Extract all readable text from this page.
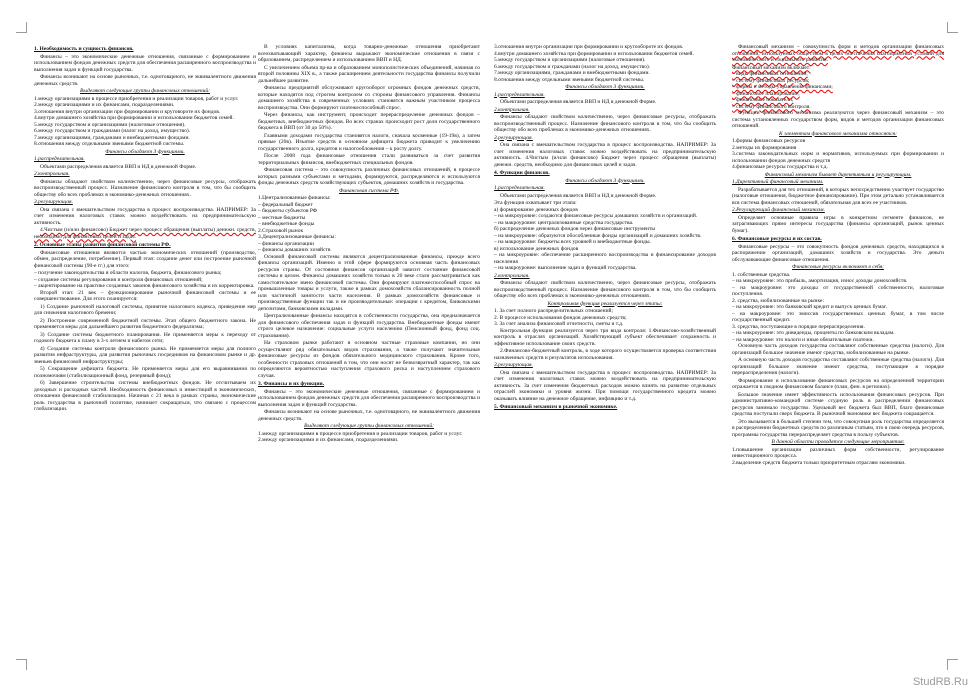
1. Необходимость и сущность финансов.

Финансы – это экономические денежные отношения, связанные с формированием и использованием фондов денежных средств для обеспечения расширенного воспроизводства и выполнения задач и функций государства.

Финансы возникают на основе рыночных, т.е. однотоварного, не эквивалентного движения денежных средств.

Выделяют следующие группы финансовых отношений:
1.между организациями в процессе приобретения и реализации товаров, работ и услуг.
2.между организациями и их финансами, подразделениями.
3.отношения внутри организации при формировании и круговороте их фондов.
4.внутри домашнего хозяйства при формировании и использовании бюджетов семей.
5.между государством и организациями (налоговые отношения).
6.между государством и гражданами (налог на доход, имущество).
7.между организациями, гражданами и внебюджетными фондами.
8.отношения между отдельными звеньями бюджетной системы.
Финансы обладают 3 функциями.
1.распределительная.

Объектами распределения является ВВП и НД в денежной Форме.

2.контрольная.

Финансы обладают свойством количественно, через финансовые ресурсы, отображать воспроизводственный процесс. Назначение финансового контроля в том, что бы сообщить обществу обо всех проблемах в экономико-денежных отношениях.

3.регулирующая.

Она связана с вмешательством государства в процесс воспроизводства. НАПРИМЕР: За счет изменения налоговых ставок можно воздействовать на предпринимательскую активность.

4.Чистым (и/или финансово) Бюджет через процесс обращения (выплаты) денежн. средств, необходимо для финансовых целей и задач.

2. Основные этапы развития финансовой системы РФ.

Финансовые отношения являются частью экономических отношений (производство, обмен, распределение, потребление). Первый этап: создание денег или построение рыночной финансовой системы (90-е гг.) для этого:

– получение законодательства в области налогов, бюджета, финансового рынка;
– создание системы регулирования и контроля финансовых отношений;
– акцентирование на практике созданных законов финансового хозяйства и их корректировка.

Второй этап: 21 век – функционирование рыночной финансовой системы и ее совершенствование. Для этого планируется:

1) Создание рыночной налоговой системы, принятие налогового кодекса, приведение мер для снижения налогового бремени;

2) Построение современной бюджетной системы. Этап общего бюджетного закона. Не применяется меры для дальнейшего развития бюджетного федерализма;

3) Создание системы бюджетного планирования. Не применяется меры к переходу от годового бюджета к плану в 3-х летнем и набегом сети;

4) Создание системы контроля финансового рынка. Не применяется меры для полного развития инфраструктуры, для развития рыночных посредников на финансовом рынке и др. звеньев финансовой инфраструктуры;

5) Сокращение дефицита бюджета. Не применяется меры для его выравнивания по полномочиям (стабилизационный фонд, резервный фонд);

6) Завершение строительства системы внебюджетных фондов. Не отсчитываем их доходных и расходных частей. Необходимость финансовых и инвестиций в экономических, отношения финансовой стабилизации. Начиная с 21 века в рамках страны, экономические роль государства в рыночной политике, начинает сокращаться, что связано с процессом глобализации.

В условиях капитализма, когда товарно-денежные отношения приобретают всеохватывающий характер, финансы выражают экономические отношения в связи с образованием, распределением и использованием ВВП и НД.

С увеличением объема пр-ва и образованием монополистических объединений, начиная со второй половины XIX в., а также расширением деятельности государства финансы получили дальнейшее развитие.

Финансы предприятий обслуживают кругооборот огромных фондов денежных средств, которые находятся под строгим контролем со стороны финансового управления. Финансы домашнего хозяйства в современных условиях становятся важным участником процесса воспроизводства. Они формируют платежеспособный спрос.

Через финансы, как инструмент, происходит перераспределение денежных фондов – бюджетных, внебюджетных фондов. Во всех странах происходит рост доли государственного бюджета в ВВП (от 30 до 50%).

Главными доходами государства становятся налоги, сначала косвенные (19-19в), а затем прямые (20в). Изъятие средств в основном дефицита бюджета приводит к увеличению государственного долга, кредитов и налогообложения – к росту долгу.

После 2008 года финансовые отношения стали развиваться за счет развития территориальных финансов, внебюджетных специальных фондов.

Финансовая система – это совокупность различных финансовых отношений, в процессе которых разными субъектами и методами, формируются, распределяются и используются фонды денежных средств хозяйствующих субъектов, домашних хозяйств и государства.

Финансовая система РФ.
1.Централизованные финансы:
– федеральный бюджет
– бюджеты субъектов РФ
– местные бюджеты
– внебюджетные фонды
2.Страховой рынок
3.Децентрализованные финансы:
– финансы организации
– финансы домашних хозяйств

Основой финансовой системы являются децентрализованные финансы, прежде всего финансы организаций. Именно в этой сфере формируются основная часть финансовых ресурсов страны. От состояния финансов организаций зависит состояние финансовой системы в целом. Финансы домашних хозяйств только в 20 веке стали рассматриваться как самостоятельное звено финансовой системы. Они формируют платежеспособный спрос на промышленные товары и услуги, также в рамках домохозяйств сбалансированность полной или частичной занятости части населения. В рамках домохозяйств финансовые и производственные функции так и не производительные: операции с кредитом, банковскими депозитами, банковскими вкладами.

Централизованные финансы находятся в собственности государства, она предназначается для финансового обеспечения задач и функций государства. Внебюджетные фонды имеют строго целевое назначение: социальные услуги населению (Пенсионный фонд, фонд соц. страхования).

На страховом рынке работают в основном частные страховые компании, но они осуществляют ряд обязательных видов страхования, а также получают значительные финансовые ресурсы из фондов обязательного медицинского страхования. Кроме того, особенности страховых отношений в том, что они носят не безвозвратный характер, так как определяются вероятностью наступления страхового риска и наступлением страхового случая.

3. Финансы и их функции.

Финансы – это экономические денежные отношения, связанные с формированием и использованием фондов денежных средств для обеспечения расширенного воспроизводства и выполнения задач и функций государства.

Финансы возникают на основе рыночных, т.е. однотоварного, не эквивалентного движения денежных средств.

Выделяют следующие группы финансовых отношений:
1.между организациями в процессе приобретения и реализации товаров, работ и услуг.
2.между организациями и их финансами, подразделениями.
3.отношения внутри организации при формировании и кругообороте их фондов.
4.внутри домашнего хозяйства при формировании и использовании бюджетов семей.
5.между государством и организациями (налоговые отношения).
6.между государством и гражданами (налог на доход, имущество).
7.между организациями, гражданами и внебюджетными фондами.
8.отношения между отдельными звеньями бюджетной системы.
Финансы обладают 3 функциями.
1.распределительная.

Объектами распределения является ВВП и НД в денежной Форме.

2.контрольная.

Финансы обладают свойством количественно, через финансовые ресурсы, отображать воспроизводственный процесс. Назначение финансового контроля в том, что бы сообщить обществу обо всех проблемах в экономико-денежных отношениях.

3.регулирующая.

Она связана с вмешательством государства в процесс воспроизводства. НАПРИМЕР: За счет изменения налоговых ставок можно воздействовать на предпринимательскую активность. 4.Чистым (и/или финансово) Бюджет через процесс обращения (выплаты) денежн. средств, необходимо для финансовых целей и задач.

4. Функции финансов.
Финансы обладают 3 функциями.
1.распределительная.

Объектами распределения является ВВП и НД в денежной Форме.

Эта функция охватывает три этапа:
а) формирование денежных фондов
– на микроуровне: создаются финансовые ресурсы домашних хозяйств и организаций.
– на макроуровне: централизованные средства государства.
б) распределение денежных фондов через финансовые инструменты
– на микроуровне: образуются обособленные фонды организаций и домашних хозяйств.
– на макроуровне: бюджеты всех уровней и внебюджетные фонды.
в) использование денежных фондов
– на микроуровне: обеспечение расширенного воспроизводства и финансирование доходов населения
– на макроуровне: выполнение задач и функций государства.
2.контрольная.

Финансы обладают свойством количественно, через финансовые ресурсы, отображать воспроизводственный процесс. Назначение финансового контроля в том, что бы сообщить обществу обо всех проблемах в экономико-денежных отношениях.

Контрольная функция реализуется через этапы:
1. За счет полного распределительных отношений;
2. В процессе использования фондов денежных средств;
3. За счет анализа финансовой отчетности, сметы и т.д.

Контрольная функция реализуется через три вида контроля: 1.Финансово-хозяйственный контроль в отраслях организаций. Хозяйствующий субъект обеспечивает сохранность и эффективное использование своих средств.

2.Финансово-бюджетный контроль, в ходе которого осуществляется проверка соответствия назначенных средств и результатов использования.

3.регулирующая.

Она связана с вмешательством государства в процесс воспроизводства. НАПРИМЕР: За счет изменения налоговых ставок можно воздействовать на предпринимательскую активность. За счет изменения бюджетных расходов можно влиять на развитие отдельных отраслей экономики и уровня жизни. При помощи государственного кредита можно оказывать влияние на денежное обращение, инфляцию и т.д.

5. Финансовый механизм в рыночной экономике.

Финансовый механизм – совокупность форм и методов организации финансовых отношений, используемых обществом в целях обеспечения благоприятных условий для экономического и социального развития.

Финансовый механизм включает:
– виды финансовых отношений;
– систему финансовых ресурсов;
– формы и методы управления финансами;
– финансовое планирование;
– финансовые показатели;
– систему финансового контроля.

Функции финансового механизма реализуются через финансовый механизм – это система установленных государством форм, видов и методов организации финансовых отношений.

К элементам финансового механизма относятся:
1.формы финансовых ресурсов
2.методы их формирования
3.система законодательных норм и нормативов, используемых при формировании и использовании фондов денежных средств
4.финансовые ресурсы государства и т.д.
Финансовый механизм бывает директивным и регулирующим.
1.Директивный финансовый механизм.

Разрабатывается для тех отношений, в которых непосредственно участвует государство (налоговые отношения, бюджетное финансирование). При этом детально устанавливается вся система финансовых отношений, обязательная для всех ее участников.

2.Регулирующий финансовый механизм.

Определяет основные правила игры в конкретном сегменте финансов, не затрагивающих прямо интересы государства (финансы организаций, рынок ценных бумаг).

6. Финансовые ресурсы и их состав.

Финансовые ресурсы – это совокупность фондов денежных средств, находящихся в распоряжении организаций, домашних хозяйств и государства. Это деньги обслуживающие финансовые отношения.

Финансовые ресурсы включают в себя:
1. собственные средства.
– на микроуровне: это прибыль, амортизация, износ доходы домохозяйств.
– на макроуровне: это доходы от государственной собственности, налоговые поступления.
2. средства, мобилизованные на рынке:
– на микроуровне: это банковский кредит и выпуск ценных бумаг.
– на макроуровне: это эмиссия государственных ценных бумаг, в том числе государственный кредит.
3. средства, поступающие в порядке перераспределения.
– на микроуровне: это дивиденды, проценты по банковским вкладам.
– на макроуровне: это налоги и иные обязательные платежи.

Основную часть доходов государства составляют собственные средства (налоги). Для организаций большое значение имеют средства, мобилизованные на рынке.

А основную часть доходов государства составляют собственные средства (налоги). Для организаций большое значение имеют средства, поступающие в порядке перераспределения (налоги).

Формирование и использование финансовых ресурсов на определенной территории отражается в сводном финансовом балансе (план, фин. в регионах).

Большое значение имеет эффективность использования финансовых ресурсов. При административно-командной системе ссудную роль в распределении финансовых ресурсов занимало государство. Удельный вес бюджета был ВВП, благо финансовые средства поступали сверх бюджета. В рыночной экономике вес бюджета сокращается.

Это вызывается в большей степени тем, что совокупная роль государства определяется в распределении бюджетных средств по различным статьям, что в свою очередь ресурсов, программы государства перераспределяет средства в пользу субъектов.

В данной области проводятся следующие мероприятия:
1.повышение организации различных форм собственности, регулирование инвестиционного процесса.
2.выделение средств бюджета только приоритетным отраслям экономики.
StudRB.Ru
